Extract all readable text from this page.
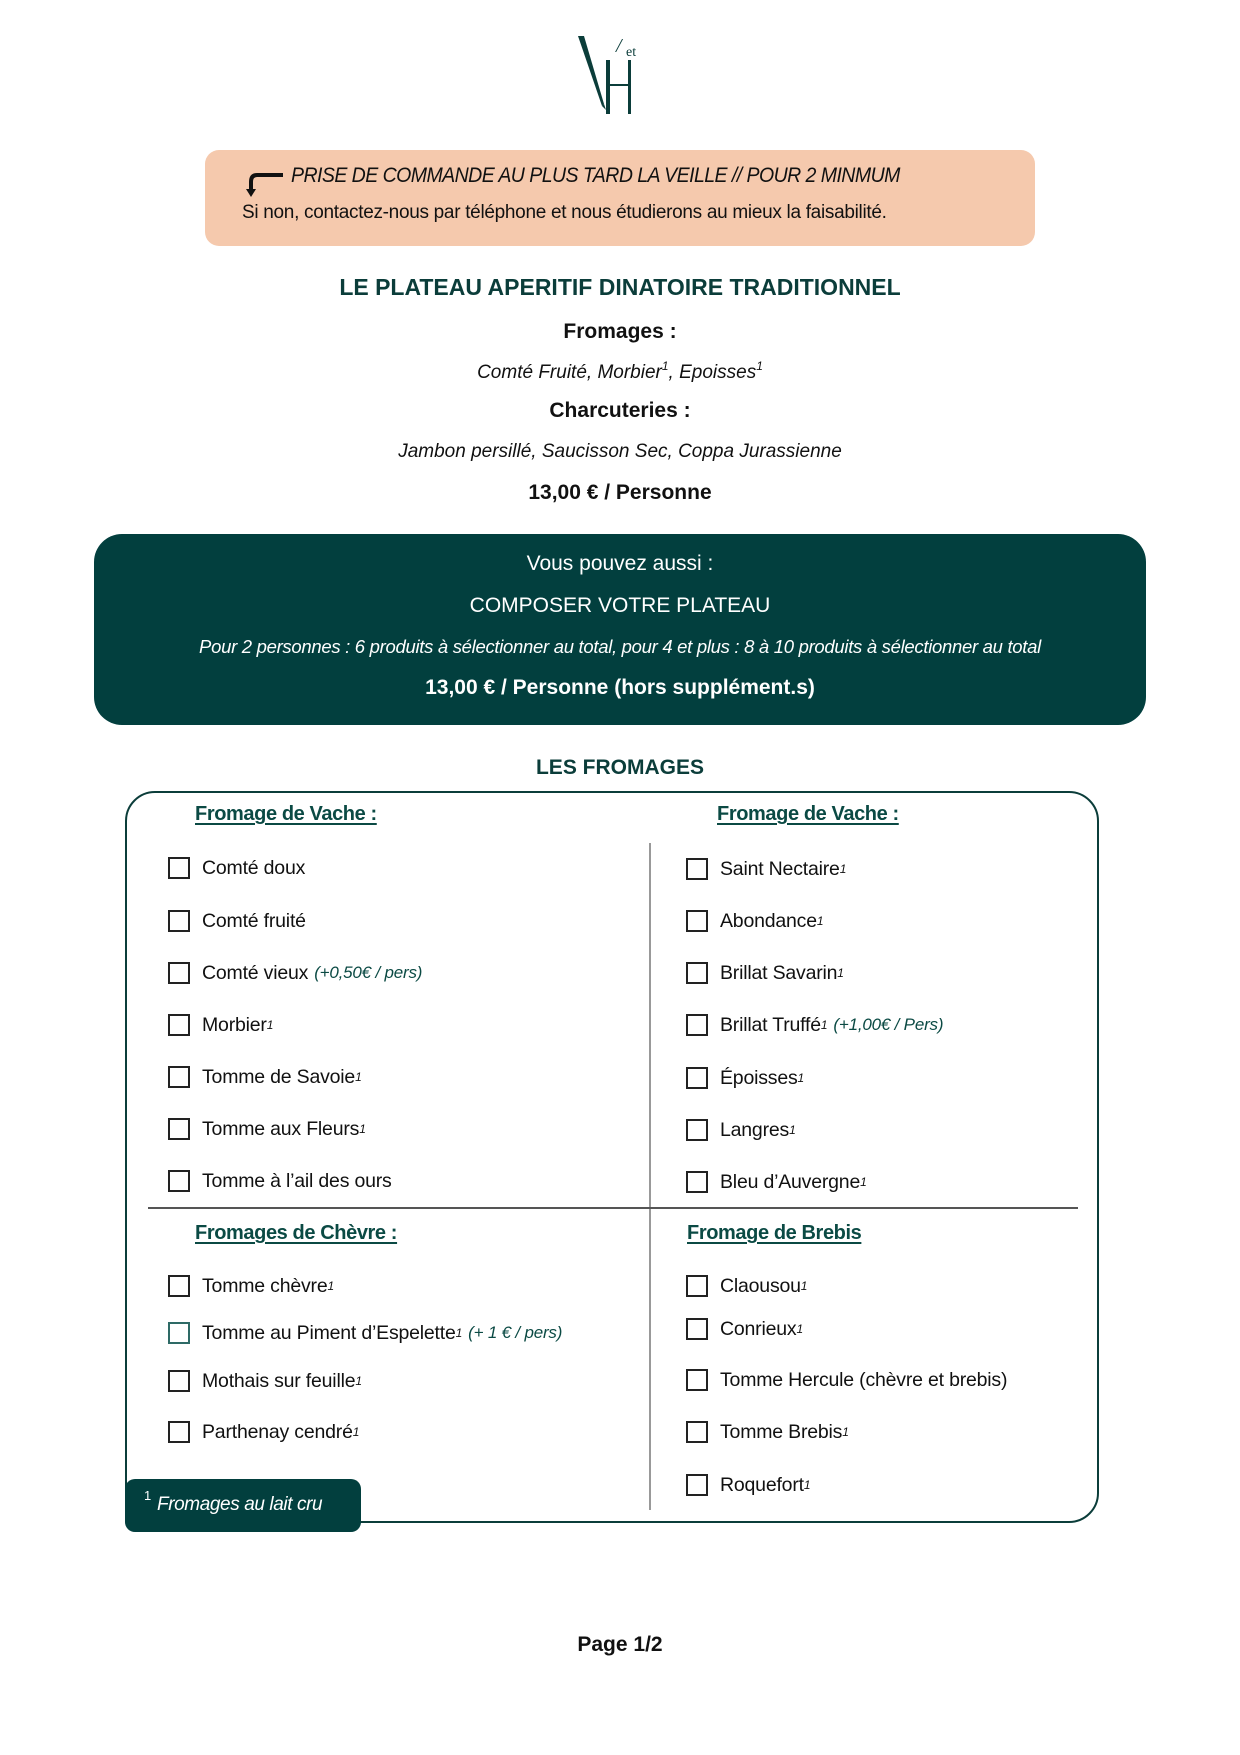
/ et
PRISE DE COMMANDE AU PLUS TARD LA VEILLE // POUR 2 MINMUM
Si non, contactez-nous par téléphone et nous étudierons au mieux la faisabilité.
LE PLATEAU APERITIF DINATOIRE TRADITIONNEL
Fromages :
Comté Fruité, Morbier$^1$, Epoisses$^1$
Charcuteries :
Jambon persillé, Saucisson Sec, Coppa Jurassienne
13,00 € / Personne
Vous pouvez aussi :
COMPOSER VOTRE PLATEAU
Pour 2 personnes : 6 produits à sélectionner au total, pour 4 et plus : 8 à 10 produits à sélectionner au total
13,00 € / Personne (hors supplément.s)
LES FROMAGES
Fromage de Vache :
Comté doux
Comté fruité
Comté vieux (+0,50€ / pers)
Morbier 1
Tomme de Savoie 1
Tomme aux Fleurs 1
Tomme à l’ail des ours
Fromage de Vache :
Saint Nectaire 1
Abondance 1
Brillat Savarin 1
Brillat Truffé 1 (+1,00€ / Pers)
Époisses 1
Langres 1
Bleu d’Auvergne 1
Fromages de Chèvre :
Tomme chèvre 1
Tomme au Piment d’Espelette 1 (+ 1 € / pers)
Mothais sur feuille 1
Parthenay cendré 1
Fromage de Brebis
Claousou 1
Conrieux 1
Tomme Hercule (chèvre et brebis)
Tomme Brebis 1
Roquefort 1
1 Fromages au lait cru
Page 1/2
